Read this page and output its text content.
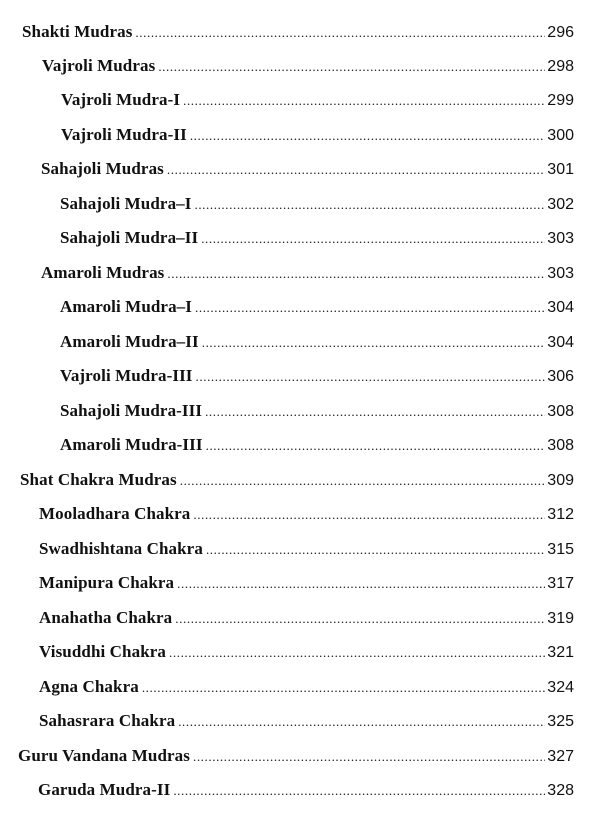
Shakti Mudras .....	296
Vajroli Mudras .....	298
Vajroli Mudra-I .....	299
Vajroli Mudra-II .....	300
Sahajoli Mudras .....	301
Sahajoli Mudra–I .....	302
Sahajoli Mudra–II .....	303
Amaroli Mudras .....	303
Amaroli Mudra–I .....	304
Amaroli Mudra–II .....	304
Vajroli Mudra-III .....	306
Sahajoli Mudra-III .....	308
Amaroli Mudra-III .....	308
Shat Chakra Mudras .....	309
Mooladhara Chakra .....	312
Swadhishtana Chakra .....	315
Manipura Chakra .....	317
Anahatha Chakra .....	319
Visuddhi Chakra .....	321
Agna Chakra .....	324
Sahasrara Chakra .....	325
Guru Vandana Mudras .....	327
Garuda Mudra-II .....	328
